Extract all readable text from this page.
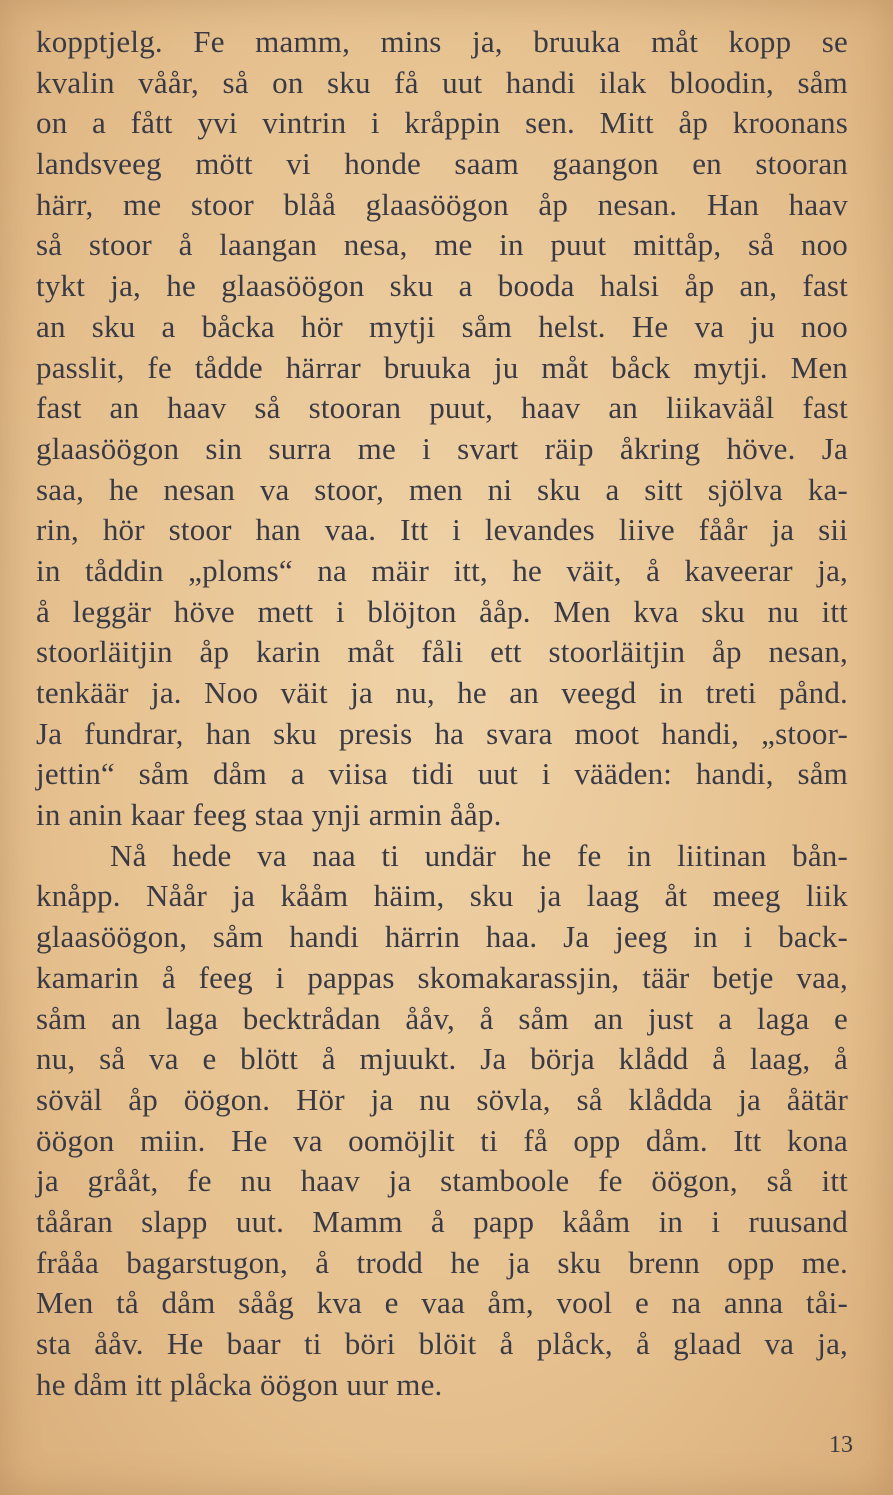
kopptjelg. Fe mamm, mins ja, bruuka måt kopp se
kvalin våår, så on sku få uut handi ilak bloodin, såm
on a fått yvi vintrin i kråppin sen. Mitt åp kroonans
landsveeg mött vi honde saam gaangon en stooran
härr, me stoor blåå glaasöögon åp nesan. Han haav
så stoor å laangan nesa, me in puut mittåp, så noo
tykt ja, he glaasöögon sku a booda halsi åp an, fast
an sku a båcka hör mytji såm helst. He va ju noo
passlit, fe tådde härrar bruuka ju måt båck mytji. Men
fast an haav så stooran puut, haav an liikaväål fast
glaasöögon sin surra me i svart räip åkring höve. Ja
saa, he nesan va stoor, men ni sku a sitt sjölva ka-
rin, hör stoor han vaa. Itt i levandes liive fåår ja sii
in tåddin „ploms“ na mäir itt, he väit, å kaveerar ja,
å leggär höve mett i blöjton ååp. Men kva sku nu itt
stoorläitjin åp karin måt fåli ett stoorläitjin åp nesan,
tenkäär ja. Noo väit ja nu, he an veegd in treti pånd.
Ja fundrar, han sku presis ha svara moot handi, „stoor-
jettin“ såm dåm a viisa tidi uut i vääden: handi, såm
in anin kaar feeg staa ynji armin ååp.
Nå hede va naa ti undär he fe in liitinan bån-
knåpp. Nåår ja kååm häim, sku ja laag åt meeg liik
glaasöögon, såm handi härrin haa. Ja jeeg in i back-
kamarin å feeg i pappas skomakarassjin, täär betje vaa,
såm an laga becktrådan ååv, å såm an just a laga e
nu, så va e blött å mjuukt. Ja börja klådd å laag, å
söväl åp öögon. Hör ja nu sövla, så klådda ja åätär
öögon miin. He va oomöjlit ti få opp dåm. Itt kona
ja grååt, fe nu haav ja stamboole fe öögon, så itt
tååran slapp uut. Mamm å papp kååm in i ruusand
frååa bagarstugon, å trodd he ja sku brenn opp me.
Men tå dåm sååg kva e vaa åm, vool e na anna tåi-
sta ååv. He baar ti böri blöit å plåck, å glaad va ja,
he dåm itt plåcka öögon uur me.
13
